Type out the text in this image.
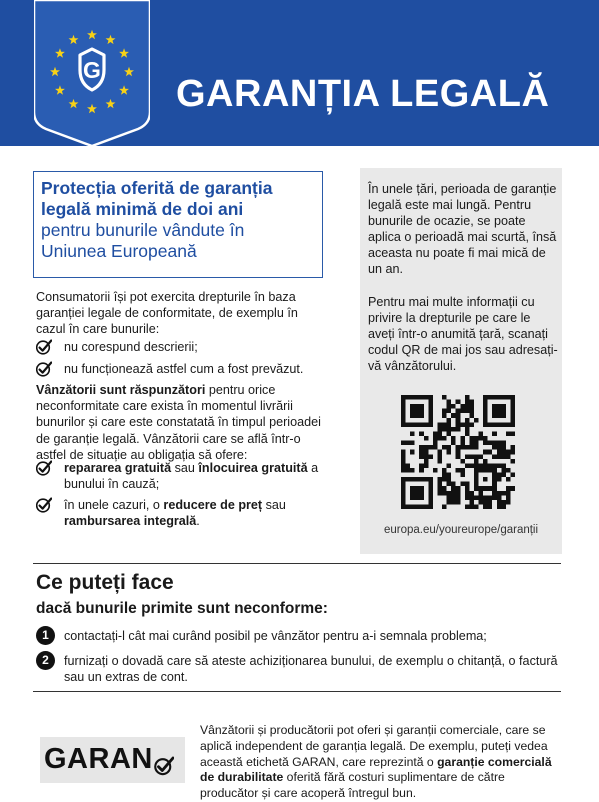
G
GARANȚIA LEGALĂ
Protecția oferită de garanția
legală minimă de doi ani
pentru bunurile vândute în
Uniunea Europeană
Consumatorii își pot exercita drepturile în baza garanției legale de conformitate, de exemplu în cazul în care bunurile:
nu corespund descrierii;
nu funcționează astfel cum a fost prevăzut.
Vânzătorii sunt răspunzători pentru orice neconformitate care exista în momentul livrării bunurilor și care este constatată în timpul perioadei de garanție legală. Vânzătorii care se află într-o astfel de situație au obligația să ofere:
repararea gratuită sau înlocuirea gratuită a bunului în cauză;
în unele cazuri, o reducere de preț sau rambursarea integrală.
În unele țări, perioada de garanție legală este mai lungă. Pentru bunurile de ocazie, se poate aplica o perioadă mai scurtă, însă aceasta nu poate fi mai mică de un an.
Pentru mai multe informații cu privire la drepturile pe care le aveți într-o anumită țară, scanați codul QR de mai jos sau adresați-vă vânzătorului.
europa.eu/youreurope/garanții
Ce puteți face
dacă bunurile primite sunt neconforme:
1	contactați-l cât mai curând posibil pe vânzător pentru a-i semnala problema;
2	furnizați o dovadă care să ateste achiziționarea bunului, de exemplu o chitanță, o factură sau un extras de cont.
GARAN
Vânzătorii și producătorii pot oferi și garanții comerciale, care se aplică independent de garanția legală. De exemplu, puteți vedea această etichetă GARAN, care reprezintă o garanție comercială de durabilitate oferită fără costuri suplimentare de către producător și care acoperă întregul bun.
